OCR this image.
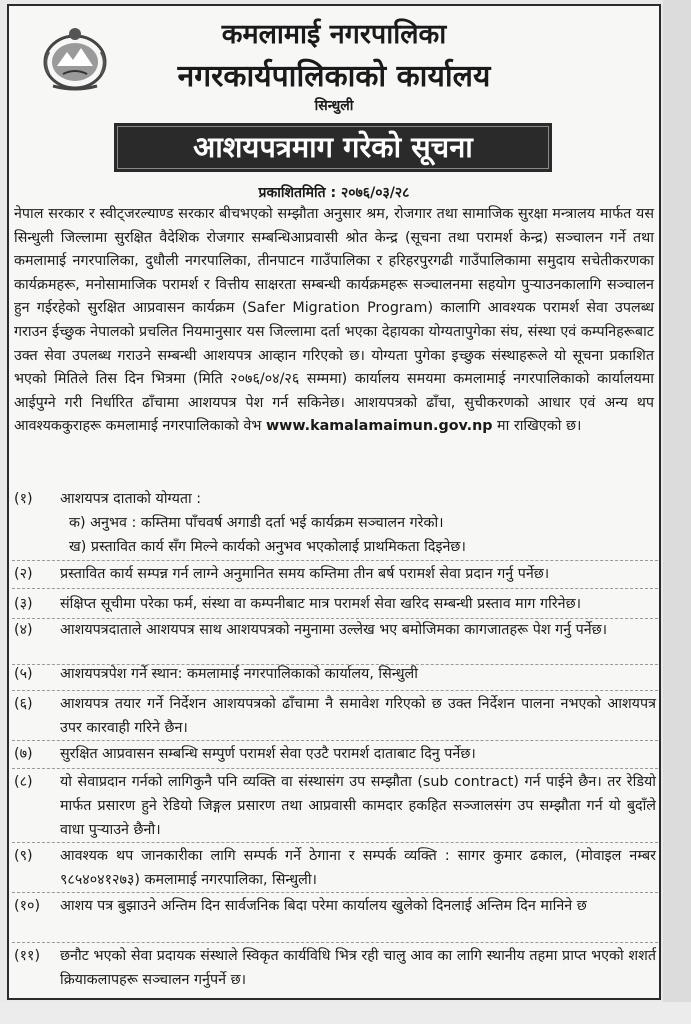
कमलामाई नगरपालिका
नगरकार्यपालिकाको कार्यालय
सिन्धुली
आशयपत्रमाग गरेको सूचना
प्रकाशितमिति : २०७६/०३/२८

नेपाल सरकार र स्वीट्जरल्याण्ड सरकार बीचभएको सम्झौता अनुसार श्रम, रोजगार तथा सामाजिक सुरक्षा मन्त्रालय मार्फत यस सिन्धुली जिल्लामा सुरक्षित वैदेशिक रोजगार सम्बन्धिआप्रवासी श्रोत केन्द्र (सूचना तथा परामर्श केन्द्र) सञ्चालन गर्ने तथा कमलामाई नगरपालिका, दुधौली नगरपालिका, तीनपाटन गाउँपालिका र हरिहरपुरगढी गाउँपालिकामा समुदाय सचेतीकरणका कार्यक्रमहरू, मनोसामाजिक परामर्श र वित्तीय साक्षरता सम्बन्धी कार्यक्रमहरू सञ्चालनमा सहयोग पुऱ्याउनकालागि सञ्चालन हुन गईरहेको सुरक्षित आप्रवासन कार्यक्रम (Safer Migration Program) कालागि आवश्यक परामर्श सेवा उपलब्ध गराउन ईच्छुक नेपालको प्रचलित नियमानुसार यस जिल्लामा दर्ता भएका देहायका योग्यतापुगेका संघ, संस्था एवं कम्पनिहरूबाट उक्त सेवा उपलब्ध गराउने सम्बन्धी आशयपत्र आव्हान गरिएको छ। योग्यता पुगेका इच्छुक संस्थाहरूले यो सूचना प्रकाशित भएको मितिले तिस दिन भित्रमा (मिति २०७६/०४/२६ सम्ममा) कार्यालय समयमा कमलामाई नगरपालिकाको कार्यालयमा आईपुग्ने गरी निर्धारित ढाँचामा आशयपत्र पेश गर्न सकिनेछ। आशयपत्रको ढाँचा, सुचीकरणको आधार एवं अन्य थप आवश्यककुराहरू कमलामाई नगरपालिकाको वेभ www.kamalamaimun.gov.np मा राखिएको छ।

(१)	आशयपत्र दाताको योग्यता :
क) अनुभव : कम्तिमा पाँचवर्ष अगाडी दर्ता भई कार्यक्रम सञ्चालन गरेको।
ख) प्रस्तावित कार्य सँग मिल्ने कार्यको अनुभव भएकोलाई प्राथमिकता दिइनेछ।
(२)	प्रस्तावित कार्य सम्पन्न गर्न लाग्ने अनुमानित समय कम्तिमा तीन बर्ष परामर्श सेवा प्रदान गर्नु पर्नेछ।
(३)	संक्षिप्त सूचीमा परेका फर्म, संस्था वा कम्पनीबाट मात्र परामर्श सेवा खरिद सम्बन्धी प्रस्ताव माग गरिनेछ।
(४)	आशयपत्रदाताले आशयपत्र साथ आशयपत्रको नमुनामा उल्लेख भए बमोजिमका कागजातहरू पेश गर्नु पर्नेछ।
(५)	आशयपत्रपेश गर्ने स्थान: कमलामाई नगरपालिकाको कार्यालय, सिन्धुली
(६)	आशयपत्र तयार गर्ने निर्देशन आशयपत्रको ढाँचामा नै समावेश गरिएको छ उक्त निर्देशन पालना नभएको आशयपत्र उपर कारवाही गरिने छैन।
(७)	सुरक्षित आप्रवासन सम्बन्धि सम्पुर्ण परामर्श सेवा एउटै परामर्श दाताबाट दिनु पर्नेछ।
(८)	यो सेवाप्रदान गर्नको लागिकुनै पनि व्यक्ति वा संस्थासंग उप सम्झौता (sub contract) गर्न पाईने छैन। तर रेडियो मार्फत प्रसारण हुने रेडियो जिङ्गल प्रसारण तथा आप्रवासी कामदार हकहित सञ्जालसंग उप सम्झौता गर्न यो बुदाँले वाधा पुऱ्याउने छैनौ।
(९)	आवश्यक थप जानकारीका लागि सम्पर्क गर्ने ठेगाना र सम्पर्क व्यक्ति : सागर कुमार ढकाल, (मोवाइल नम्बर ९८५४०४१२७३) कमलामाई नगरपालिका, सिन्धुली।
(१०)	आशय पत्र बुझाउने अन्तिम दिन सार्वजनिक बिदा परेमा कार्यालय खुलेको दिनलाई अन्तिम दिन मानिने छ
(११)	छनौट भएको सेवा प्रदायक संस्थाले स्विकृत कार्यविधि भित्र रही चालु आव का लागि स्थानीय तहमा प्राप्त भएको शशर्त क्रियाकलापहरू सञ्चालन गर्नुपर्ने छ।
